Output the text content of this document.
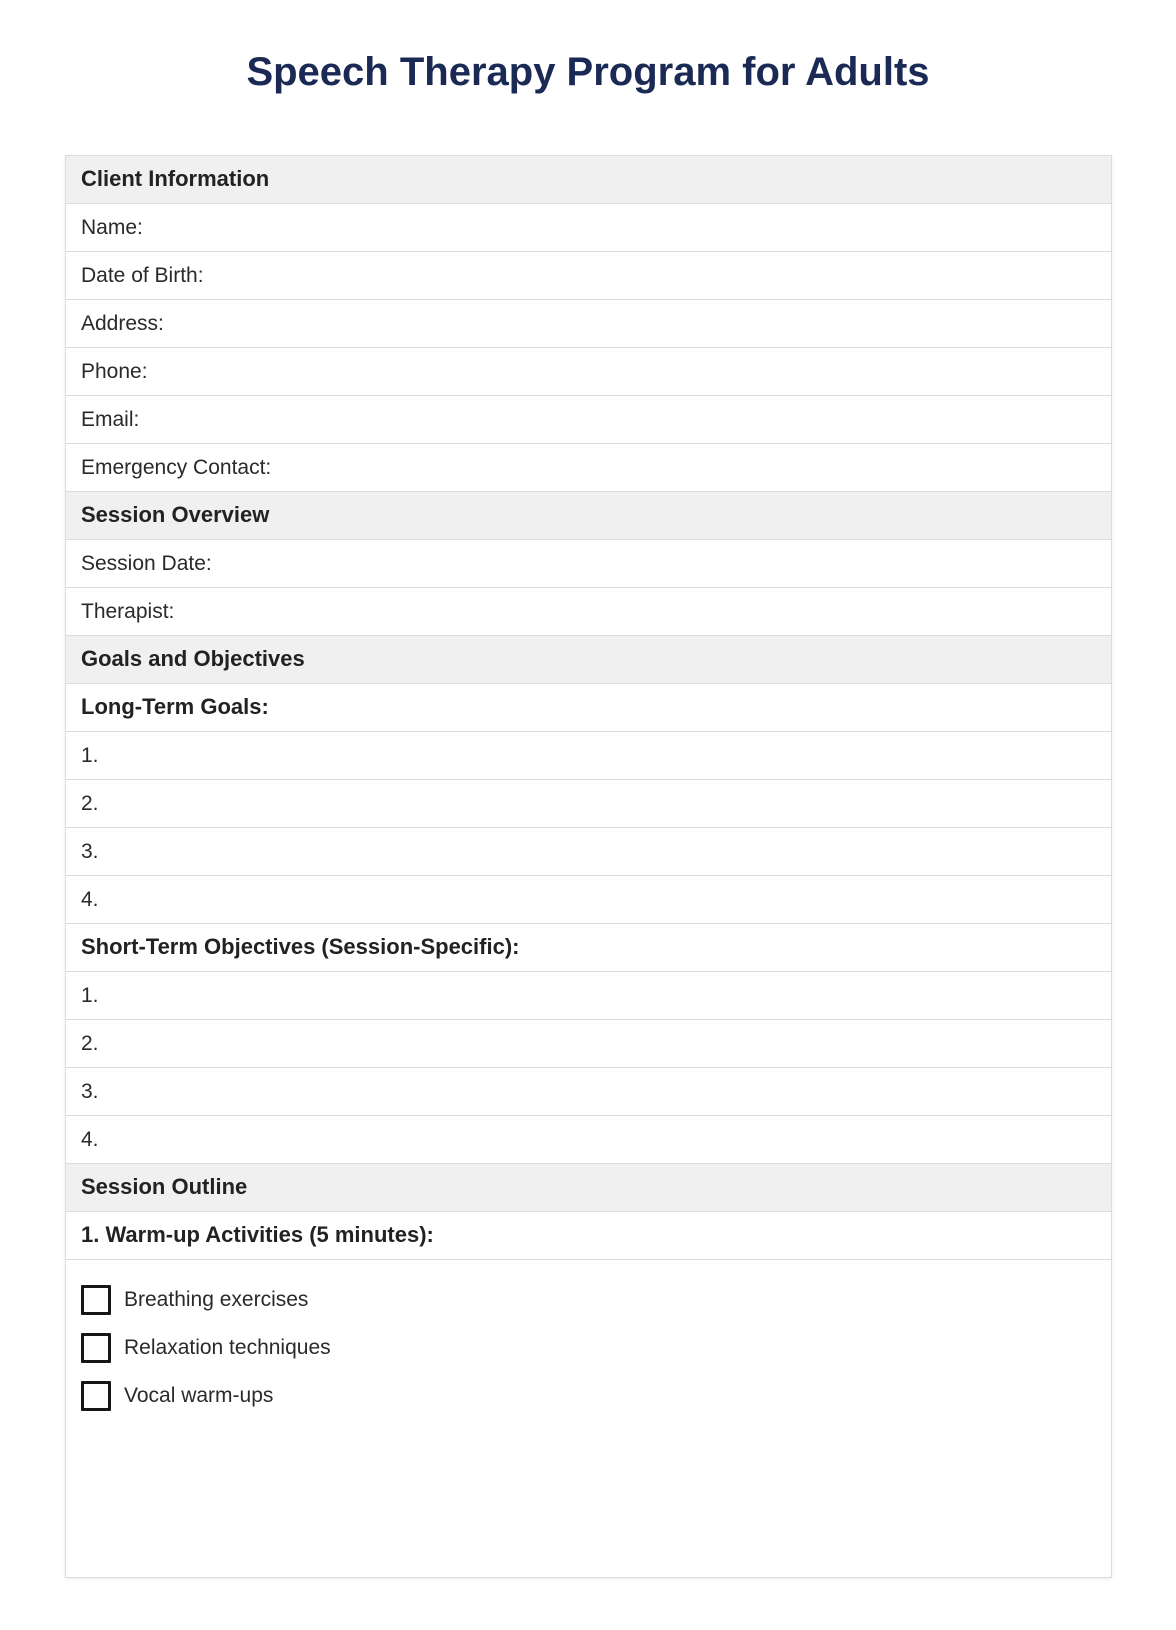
Speech Therapy Program for Adults
Client Information
Name:
Date of Birth:
Address:
Phone:
Email:
Emergency Contact:
Session Overview
Session Date:
Therapist:
Goals and Objectives
Long-Term Goals:
1.
2.
3.
4.
Short-Term Objectives (Session-Specific):
1.
2.
3.
4.
Session Outline
1. Warm-up Activities (5 minutes):
Breathing exercises
Relaxation techniques
Vocal warm-ups
